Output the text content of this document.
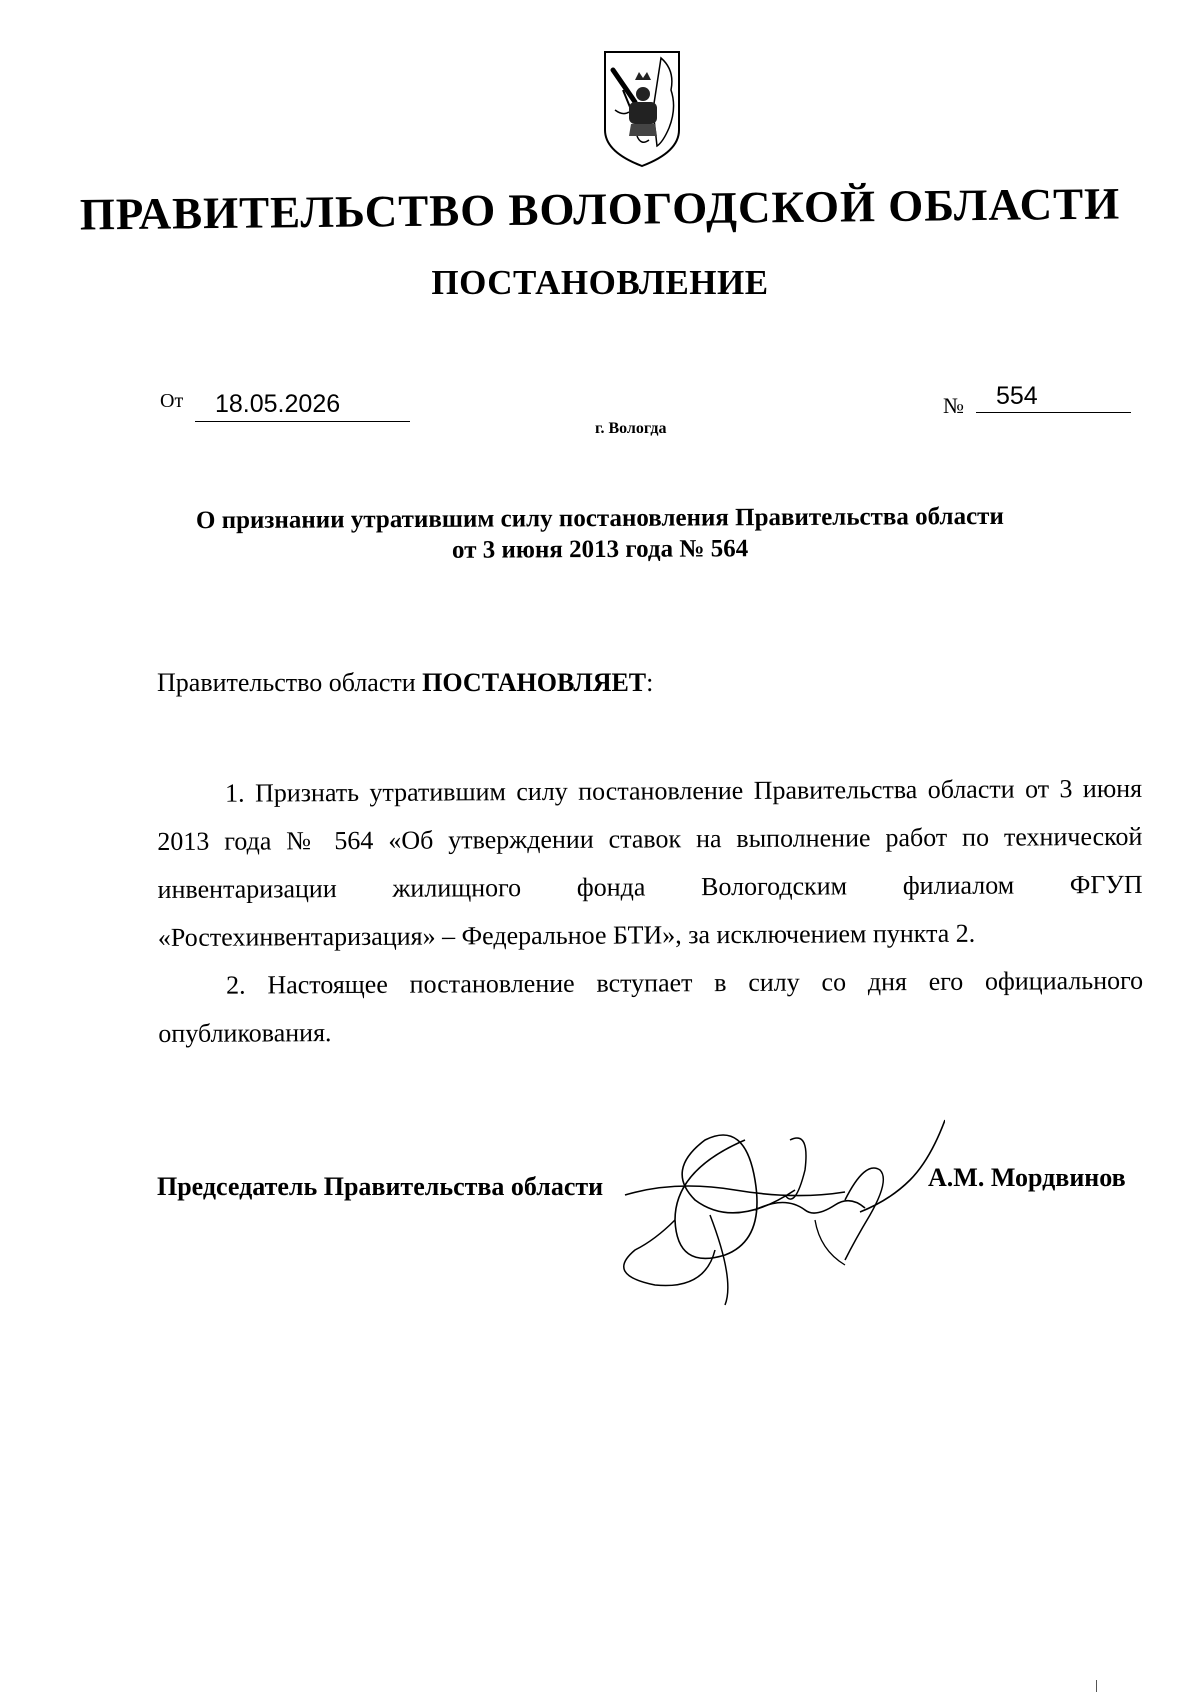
ПРАВИТЕЛЬСТВО ВОЛОГОДСКОЙ ОБЛАСТИ
ПОСТАНОВЛЕНИЕ
От	18.05.2026	№	554
г. Вологда
О признании утратившим силу постановления Правительства области
от 3 июня 2013 года № 564
Правительство области ПОСТАНОВЛЯЕТ:

1. Признать утратившим силу постановление Правительства области от 3 июня 2013 года № 564 «Об утверждении ставок на выполнение работ по технической инвентаризации жилищного фонда Вологодским филиалом ФГУП «Ростехинвентаризация» – Федеральное БТИ», за исключением пункта 2.

2. Настоящее постановление вступает в силу со дня его официального опубликования.

Председатель Правительства области	А.М. Мордвинов
